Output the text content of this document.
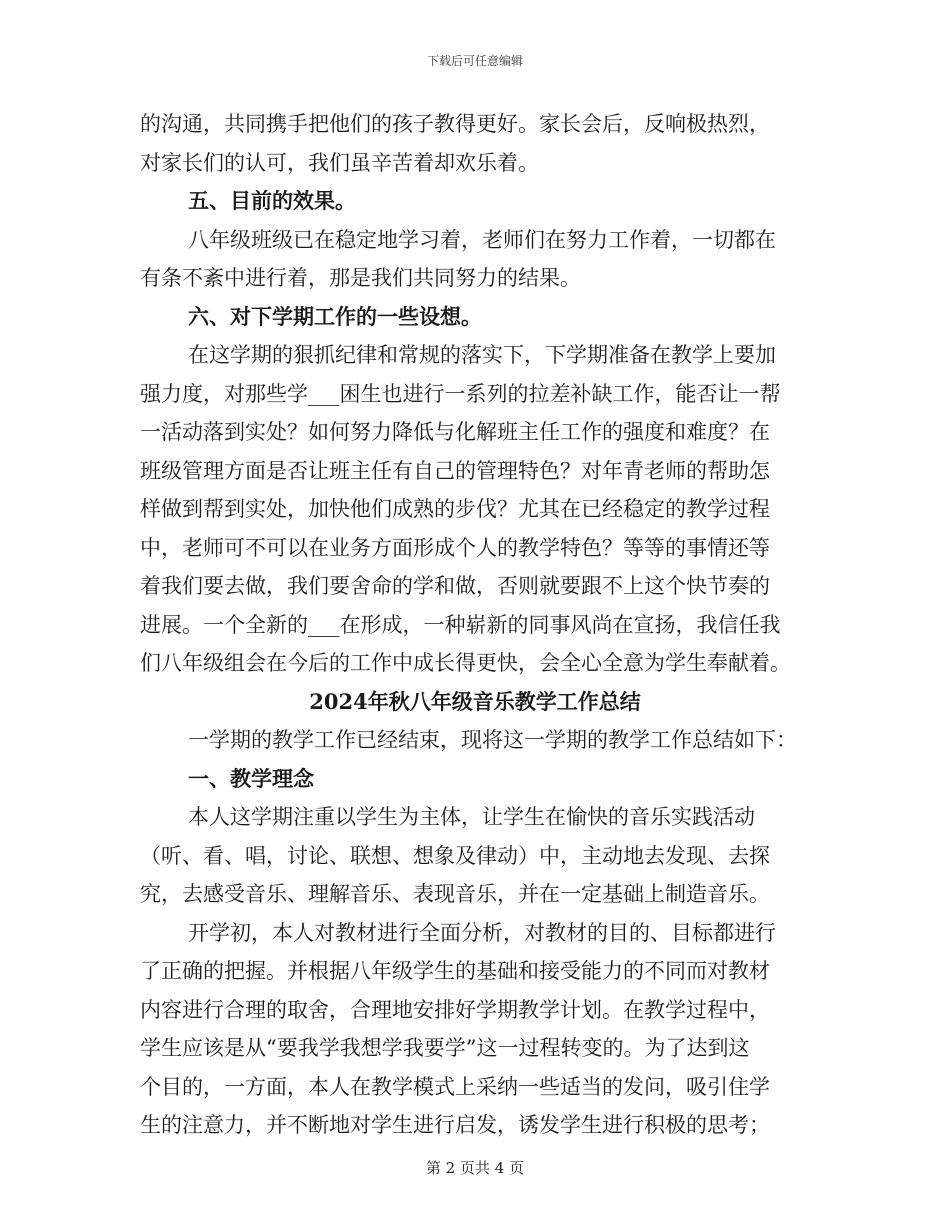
下载后可任意编辑
的沟通，共同携手把他们的孩子教得更好。家长会后，反响极热烈，
对家长们的认可，我们虽辛苦着却欢乐着。
五、目前的效果。
八年级班级已在稳定地学习着，老师们在努力工作着，一切都在
有条不紊中进行着，那是我们共同努力的结果。
六、对下学期工作的一些设想。
在这学期的狠抓纪律和常规的落实下，下学期准备在教学上要加
强力度，对那些学___困生也进行一系列的拉差补缺工作，能否让一帮
一活动落到实处？如何努力降低与化解班主任工作的强度和难度？在
班级管理方面是否让班主任有自己的管理特色？对年青老师的帮助怎
样做到帮到实处，加快他们成熟的步伐？尤其在已经稳定的教学过程
中，老师可不可以在业务方面形成个人的教学特色？等等的事情还等
着我们要去做，我们要舍命的学和做，否则就要跟不上这个快节奏的
进展。一个全新的___在形成，一种崭新的同事风尚在宣扬，我信任我
们八年级组会在今后的工作中成长得更快，会全心全意为学生奉献着。
2024年秋八年级音乐教学工作总结
一学期的教学工作已经结束，现将这一学期的教学工作总结如下：
一、教学理念
本人这学期注重以学生为主体，让学生在愉快的音乐实践活动
（听、看、唱，讨论、联想、想象及律动）中，主动地去发现、去探
究，去感受音乐、理解音乐、表现音乐，并在一定基础上制造音乐。
开学初，本人对教材进行全面分析，对教材的目的、目标都进行
了正确的把握。并根据八年级学生的基础和接受能力的不同而对教材
内容进行合理的取舍，合理地安排好学期教学计划。在教学过程中，
学生应该是从“要我学我想学我要学”这一过程转变的。为了达到这
个目的，一方面，本人在教学模式上采纳一些适当的发问，吸引住学
生的注意力，并不断地对学生进行启发，诱发学生进行积极的思考；
第 2 页共 4 页
